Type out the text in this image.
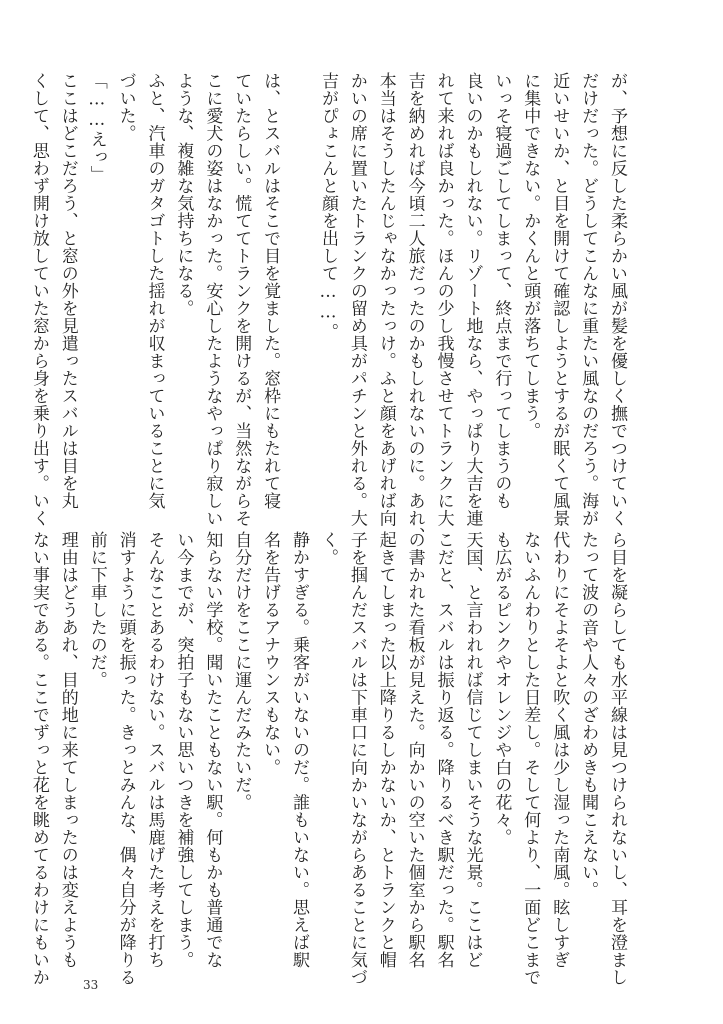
が、予想に反した柔らかい風が髪を優しく撫でつけていく
だけだった。どうしてこんなに重たい風なのだろう。海が
近いせいか、と目を開けて確認しようとするが眠くて風景
に集中できない。かくんと頭が落ちてしまう。
いっそ寝過ごしてしまって、終点まで行ってしまうのも
良いのかもしれない。リゾート地なら、やっぱり大吉を連
れて来れば良かった。ほんの少し我慢させてトランクに大
吉を納めれば今頃二人旅だったのかもしれないのに。あれ、
本当はそうしたんじゃなかったっけ。ふと顔をあげれば向
かいの席に置いたトランクの留め具がパチンと外れる。大
吉がぴょこんと顔を出して……。

は、とスバルはそこで目を覚ました。窓枠にもたれて寝
ていたらしい。慌ててトランクを開けるが、当然ながらそ
こに愛犬の姿はなかった。安心したようなやっぱり寂しい
ような、複雑な気持ちになる。
ふと、汽車のガタゴトした揺れが収まっていることに気
づいた。
「……えっ」
ここはどこだろう、と窓の外を見遣ったスバルは目を丸
くして、思わず開け放していた窓から身を乗り出す。いく
ら目を凝らしても水平線は見つけられないし、耳を澄まし
たって波の音や人々のざわめきも聞こえない。
代わりにそよそよと吹く風は少し湿った南風。眩しすぎ
ないふんわりとした日差し。そして何より、一面どこまで
も広がるピンクやオレンジや白の花々。
天国、と言われれば信じてしまいそうな光景。ここはど
こだと、スバルは振り返る。降りるべき駅だった。駅名
の書かれた看板が見えた。向かいの空いた個室から駅名
起きてしまった以上降りるしかないか、とトランクと帽
子を掴んだスバルは下車口に向かいながらあることに気づ
く。
静かすぎる。乗客がいないのだ。誰もいない。思えば駅
名を告げるアナウンスもない。
自分だけをここに運んだみたいだ。
知らない学校。聞いたこともない駅。何もかも普通でな
い今までが、突拍子もない思いつきを補強してしまう。
そんなことあるわけない。スバルは馬鹿げた考えを打ち
消すように頭を振った。きっとみんな、偶々自分が降りる
前に下車したのだ。
理由はどうあれ、目的地に来てしまったのは変えようも
ない事実である。ここでずっと花を眺めてるわけにもいか	33
